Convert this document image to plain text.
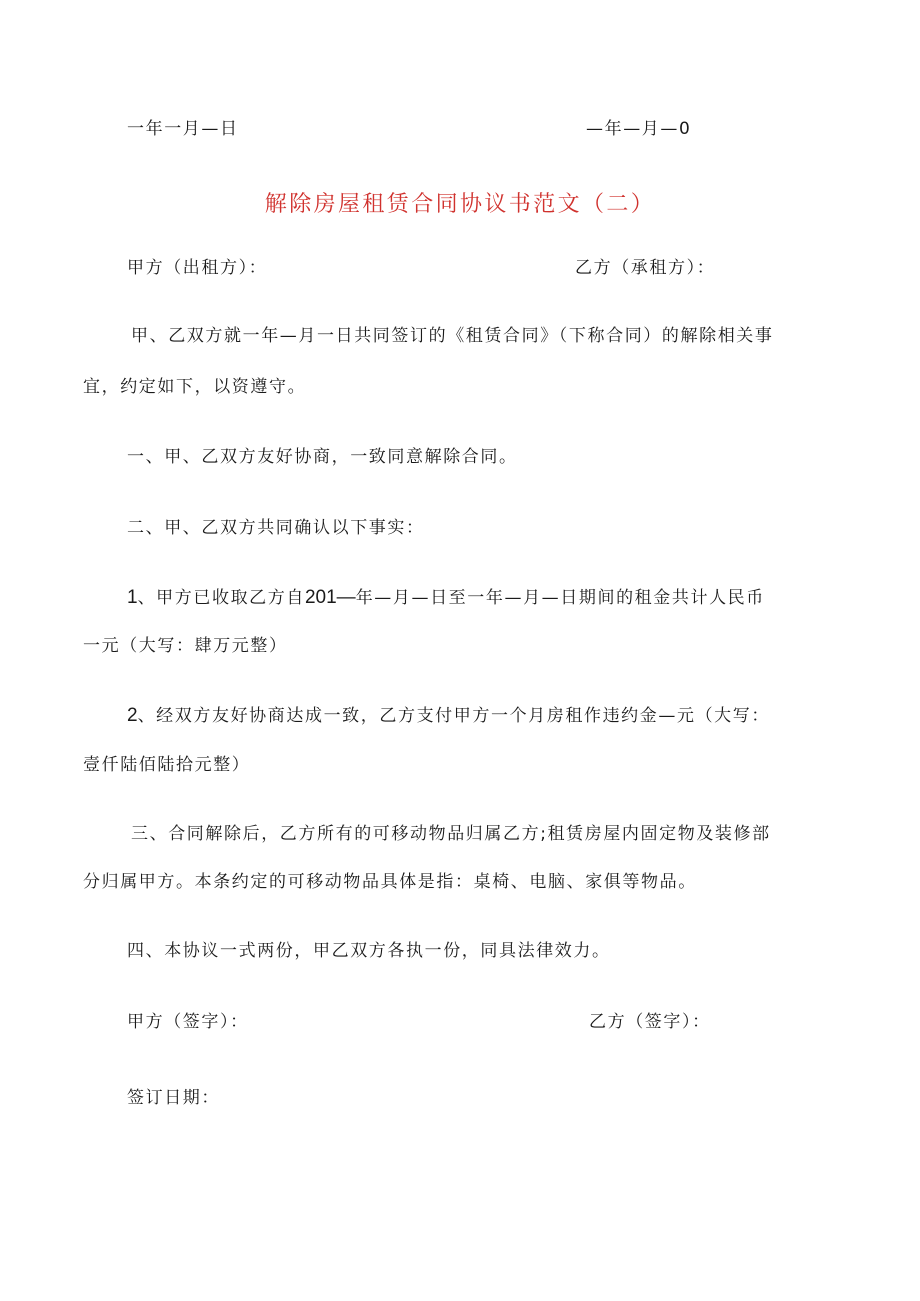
一年一月—日	—年—月—0
解除房屋租赁合同协议书范文（二）
甲方（出租方）：	乙方（承租方）：
甲、乙双方就一年—月一日共同签订的《租赁合同》（下称合同）的解除相关事
宜，约定如下，以资遵守。
一、甲、乙双方友好协商，一致同意解除合同。
二、甲、乙双方共同确认以下事实：
1、甲方已收取乙方自201—年—月—日至一年—月—日期间的租金共计人民币
一元（大写：肆万元整）
2、经双方友好协商达成一致，乙方支付甲方一个月房租作违约金—元（大写：
壹仟陆佰陆拾元整）
三、合同解除后，乙方所有的可移动物品归属乙方;租赁房屋内固定物及装修部
分归属甲方。本条约定的可移动物品具体是指：桌椅、电脑、家俱等物品。
四、本协议一式两份，甲乙双方各执一份，同具法律效力。
甲方（签字）：	乙方（签字）：
签订日期：
